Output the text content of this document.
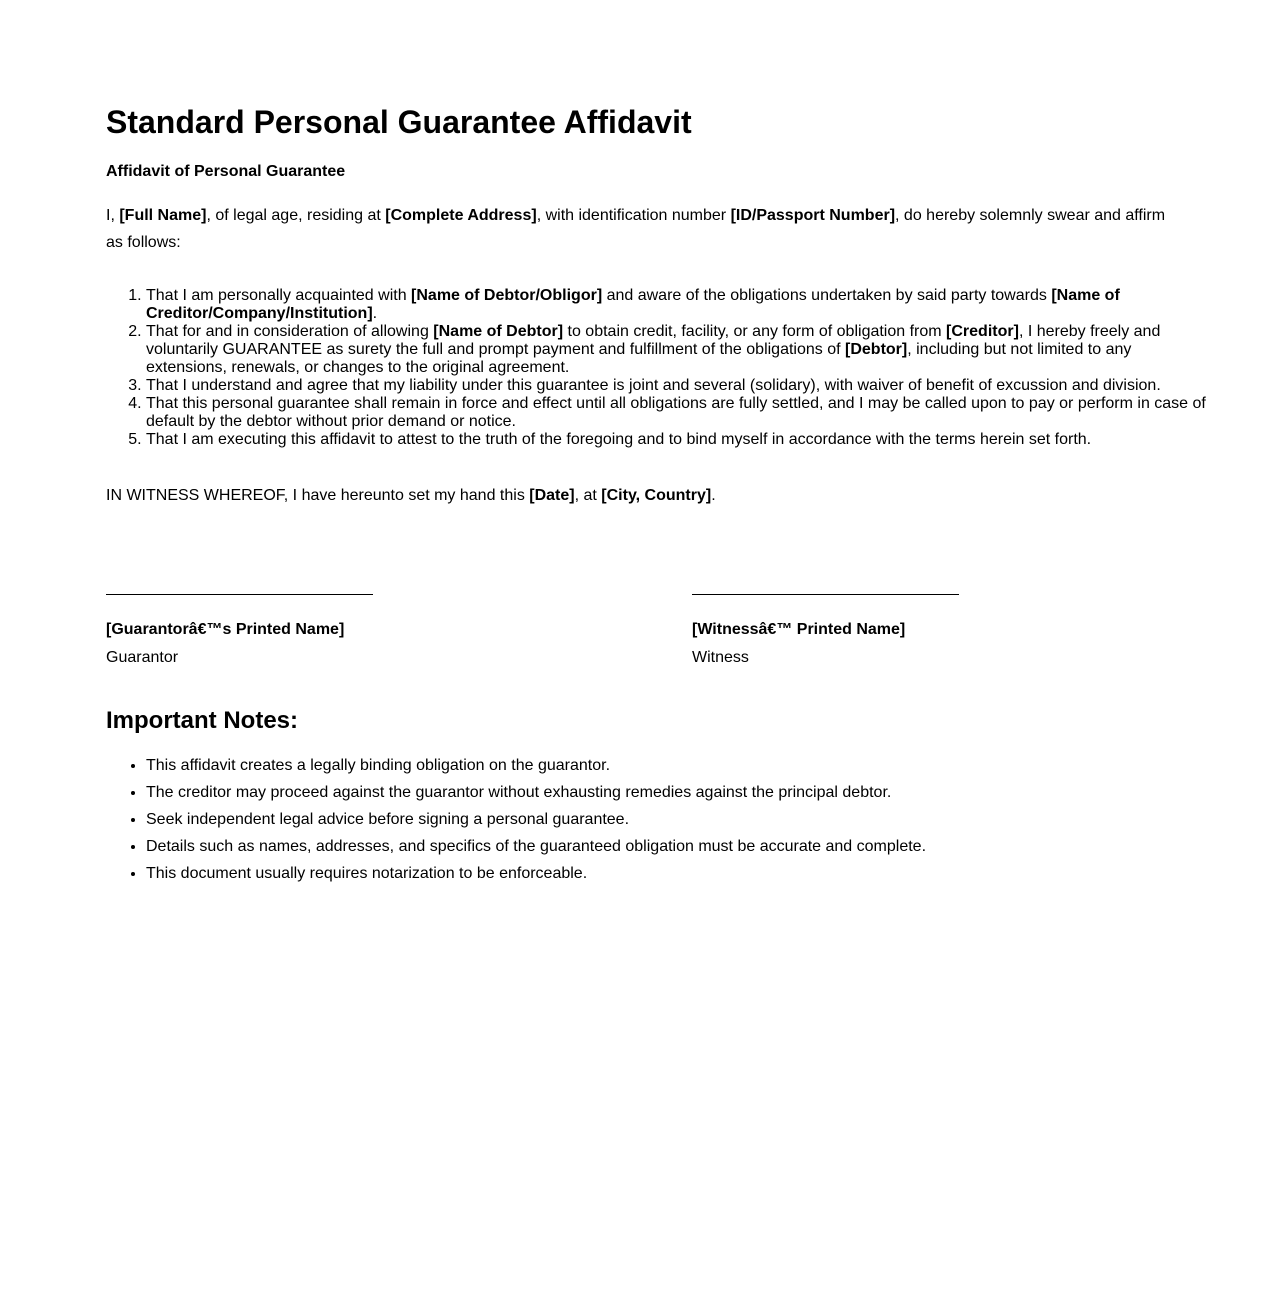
Standard Personal Guarantee Affidavit

Affidavit of Personal Guarantee

I, [Full Name], of legal age, residing at [Complete Address], with identification number [ID/Passport Number], do hereby solemnly swear and affirm as follows:

1. That I am personally acquainted with [Name of Debtor/Obligor] and aware of the obligations undertaken by said party towards [Name of Creditor/Company/Institution].
2. That for and in consideration of allowing [Name of Debtor] to obtain credit, facility, or any form of obligation from [Creditor], I hereby freely and voluntarily GUARANTEE as surety the full and prompt payment and fulfillment of the obligations of [Debtor], including but not limited to any extensions, renewals, or changes to the original agreement.
3. That I understand and agree that my liability under this guarantee is joint and several (solidary), with waiver of benefit of excussion and division.
4. That this personal guarantee shall remain in force and effect until all obligations are fully settled, and I may be called upon to pay or perform in case of default by the debtor without prior demand or notice.
5. That I am executing this affidavit to attest to the truth of the foregoing and to bind myself in accordance with the terms herein set forth.

IN WITNESS WHEREOF, I have hereunto set my hand this [Date], at [City, Country].

[Guarantorâ€™s Printed Name]
Guarantor
[Witnessâ€™ Printed Name]
Witness
Important Notes:
• This affidavit creates a legally binding obligation on the guarantor.
• The creditor may proceed against the guarantor without exhausting remedies against the principal debtor.
• Seek independent legal advice before signing a personal guarantee.
• Details such as names, addresses, and specifics of the guaranteed obligation must be accurate and complete.
• This document usually requires notarization to be enforceable.
